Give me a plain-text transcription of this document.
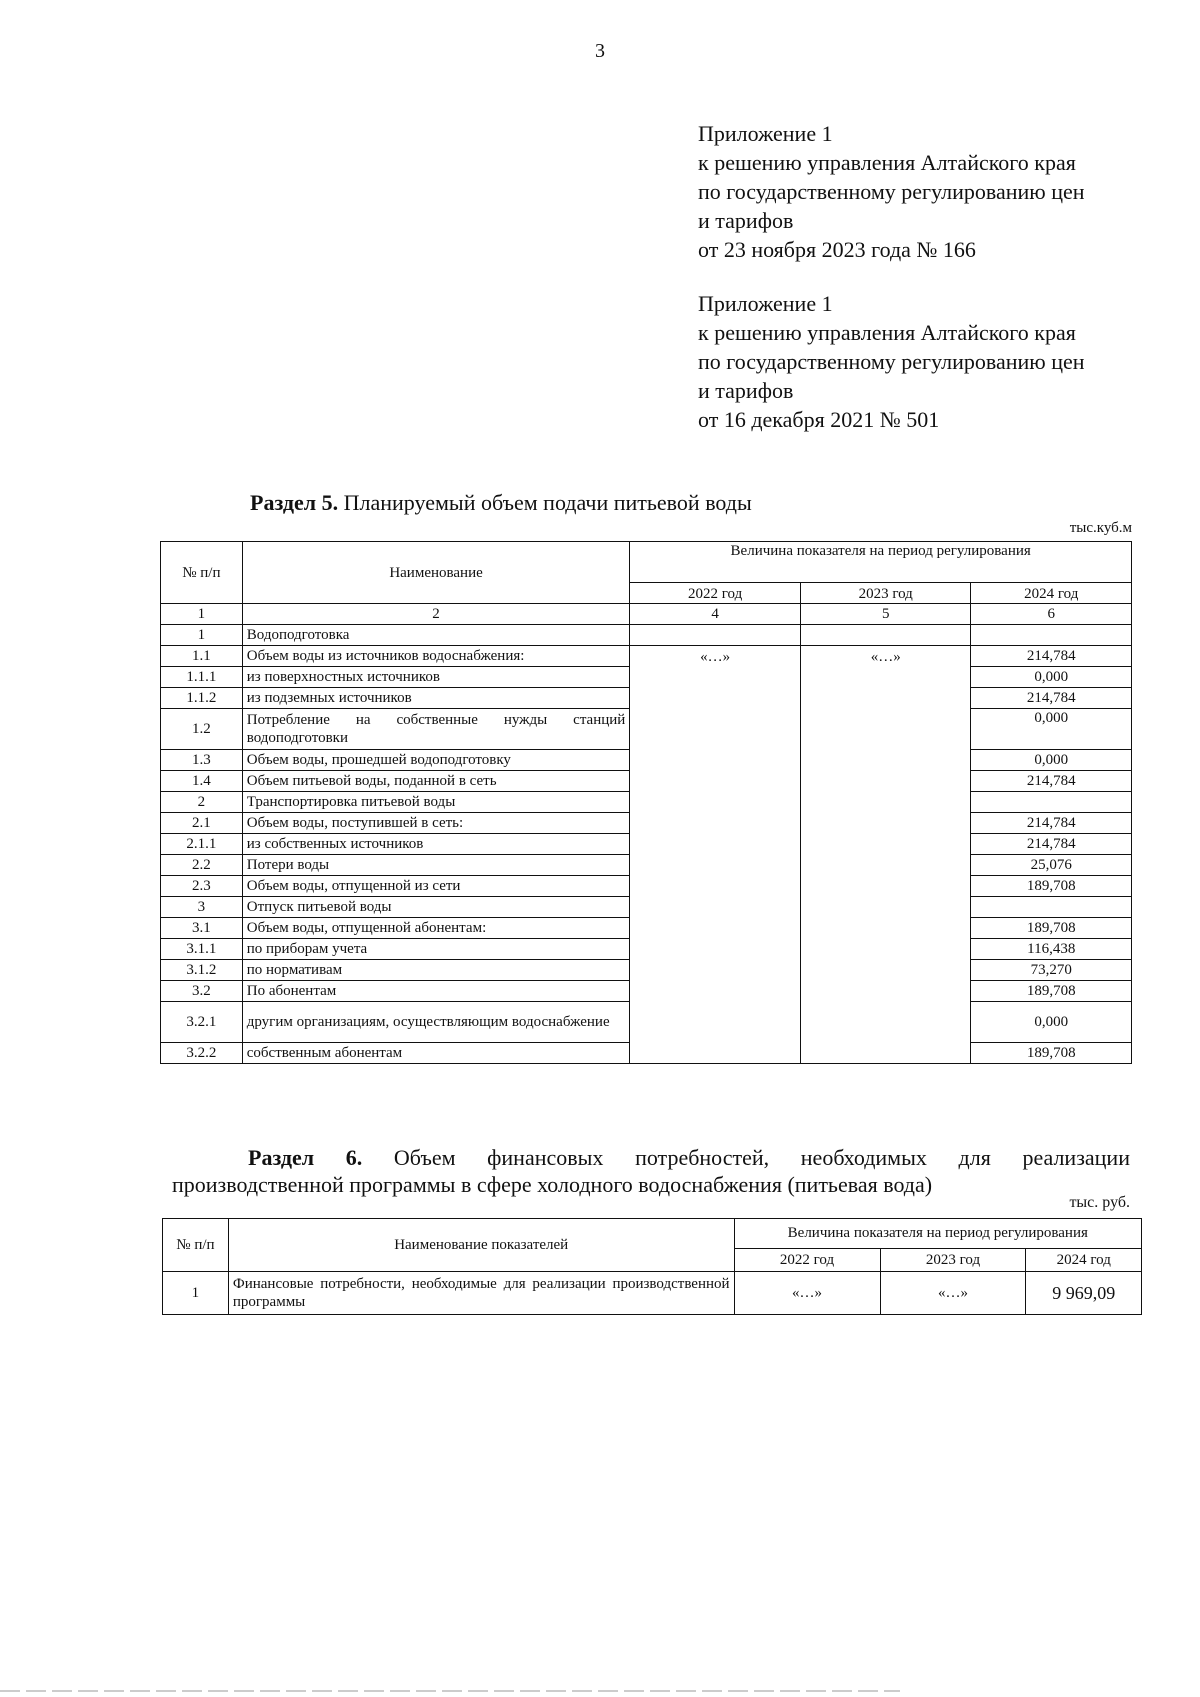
3
Приложение 1
к решению управления Алтайского края
по государственному регулированию цен
и тарифов
от 23 ноября 2023 года № 166
Приложение 1
к решению управления Алтайского края
по государственному регулированию цен
и тарифов
от 16 декабря 2021 № 501
Раздел 5. Планируемый объем подачи питьевой воды
тыс.куб.м
№ п/п	Наименование	Величина показателя на период регулирования		
		2022 год	2023 год	2024 год
1	2	4	5	6
1	Водоподготовка			
1.1	Объем воды из источников водоснабжения:	«…»	«…»	214,784
1.1.1	из поверхностных источников			0,000
1.1.2	из подземных источников			214,784
1.2	Потребление на собственные нужды станций водоподготовки			0,000
1.3	Объем воды, прошедшей водоподготовку			0,000
1.4	Объем питьевой воды, поданной в сеть			214,784
2	Транспортировка питьевой воды			
2.1	Объем воды, поступившей в сеть:			214,784
2.1.1	из собственных источников			214,784
2.2	Потери воды			25,076
2.3	Объем воды, отпущенной из сети			189,708
3	Отпуск питьевой воды			
3.1	Объем воды, отпущенной абонентам:			189,708
3.1.1	по приборам учета			116,438
3.1.2	по нормативам			73,270
3.2	По абонентам			189,708
3.2.1	другим организациям, осуществляющим водоснабжение			0,000
3.2.2	собственным абонентам			189,708
Раздел 6. Объем финансовых потребностей, необходимых для реализации
производственной программы в сфере холодного водоснабжения (питьевая вода)
тыс. руб.
№ п/п	Наименование показателей	Величина показателя на период регулирования		
		2022 год	2023 год	2024 год
1	Финансовые потребности, необходимые для реализации производственной программы	«…»	«…»	9 969,09
